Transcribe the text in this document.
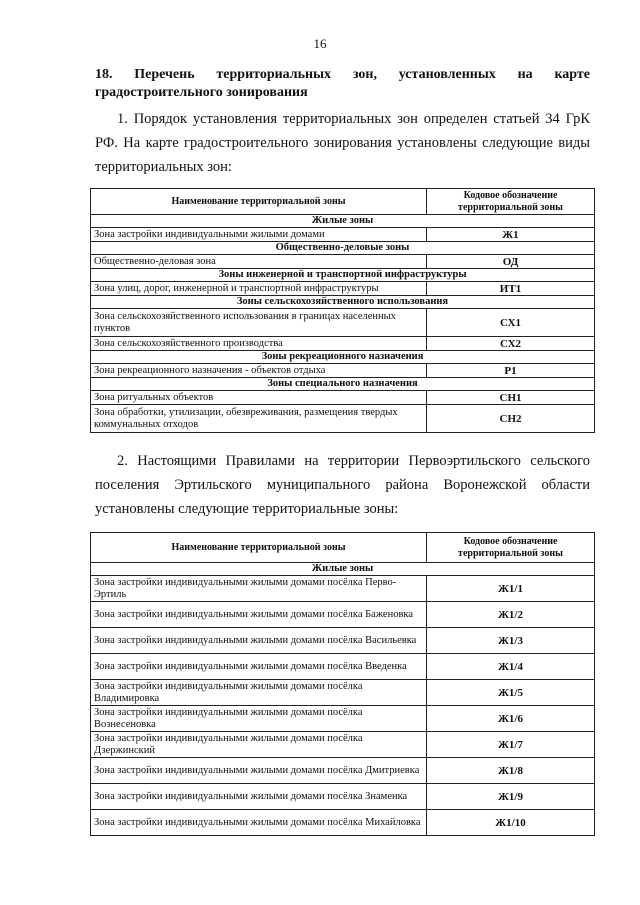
16
18. Перечень территориальных зон, установленных на карте градостроительного зонирования
1. Порядок установления территориальных зон определен статьей 34 ГрК РФ. На карте градостроительного зонирования установлены следующие виды территориальных зон:
Наименование территориальной зоны	Кодовое обозначение территориальной зоны
Жилые зоны	
Зона застройки индивидуальными жилыми домами	Ж1
Общественно-деловые зоны	
Общественно-деловая зона	ОД
Зоны инженерной и транспортной инфраструктуры	
Зона улиц, дорог, инженерной и транспортной инфраструктуры	ИТ1
Зоны сельскохозяйственного использования	
Зона сельскохозяйственного использования в границах населенных пунктов	СХ1
Зона сельскохозяйственного производства	СХ2
Зоны рекреационного назначения	
Зона рекреационного назначения - объектов отдыха	Р1
Зоны специального назначения	
Зона ритуальных объектов	СН1
Зона обработки, утилизации, обезвреживания, размещения твердых коммунальных отходов	СН2
2. Настоящими Правилами на территории Первоэртильского сельского поселения Эртильского муниципального района Воронежской области установлены следующие территориальные зоны:
Наименование территориальной зоны	Кодовое обозначение территориальной зоны
Жилые зоны	
Зона застройки индивидуальными жилыми домами посёлка Перво-Эртиль	Ж1/1
Зона застройки индивидуальными жилыми домами посёлка Баженовка	Ж1/2
Зона застройки индивидуальными жилыми домами посёлка Васильевка	Ж1/3
Зона застройки индивидуальными жилыми домами посёлка Введенка	Ж1/4
Зона застройки индивидуальными жилыми домами посёлка Владимировка	Ж1/5
Зона застройки индивидуальными жилыми домами посёлка Вознесеновка	Ж1/6
Зона застройки индивидуальными жилыми домами посёлка Дзержинский	Ж1/7
Зона застройки индивидуальными жилыми домами посёлка Дмитриевка	Ж1/8
Зона застройки индивидуальными жилыми домами посёлка Знаменка	Ж1/9
Зона застройки индивидуальными жилыми домами посёлка Михайловка	Ж1/10
